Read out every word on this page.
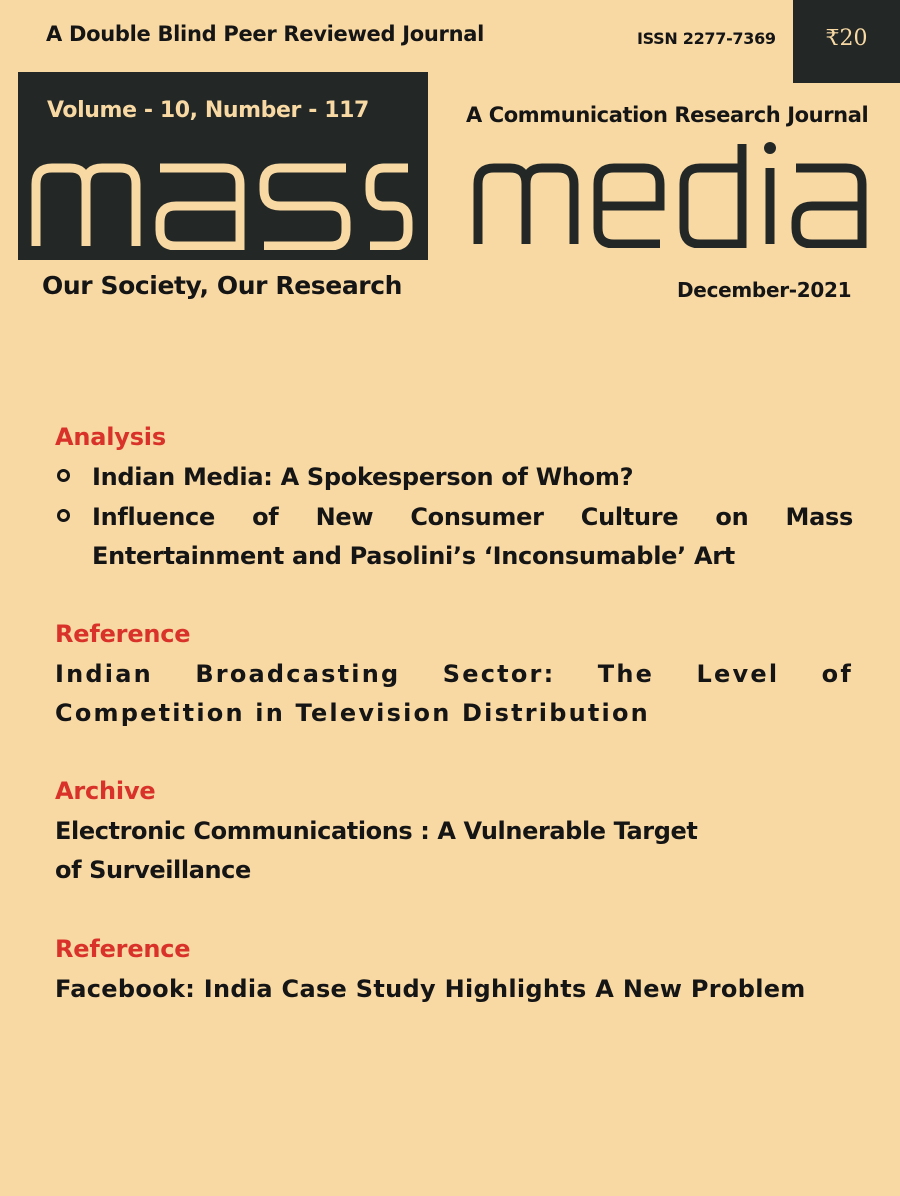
A Double Blind Peer Reviewed Journal	ISSN 2277-7369 ₹20
Volume - 10, Number - 117	A Communication Research Journal
Our Society, Our Research	December-2021
Analysis
Indian Media: A Spokesperson of Whom?
Influence of New Consumer Culture on Mass Entertainment and Pasolini’s ‘Inconsumable’ Art
Reference
Indian Broadcasting Sector: The Level of Competition in Television Distribution
Archive
Electronic Communications : A Vulnerable Target
of Surveillance
Reference
Facebook: India Case Study Highlights A New Problem
